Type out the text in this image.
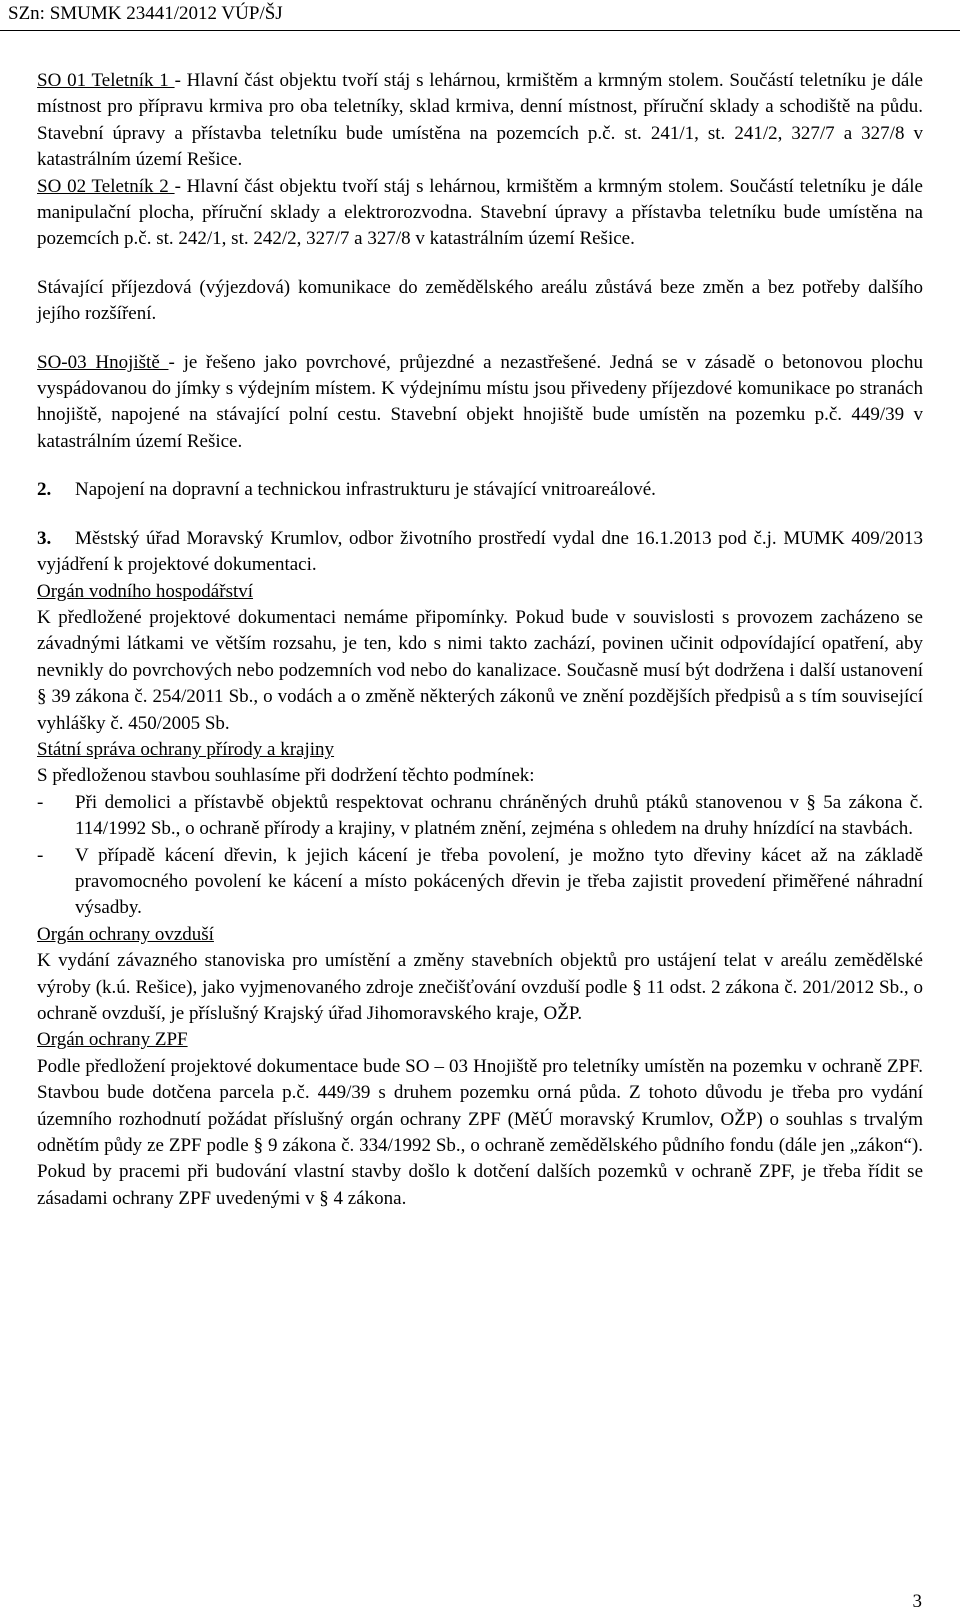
SZn: SMUMK 23441/2012 VÚP/ŠJ

SO 01 Teletník 1 - Hlavní část objektu tvoří stáj s lehárnou, krmištěm a krmným stolem. Součástí teletníku je dále místnost pro přípravu krmiva pro oba teletníky, sklad krmiva, denní místnost, příruční sklady a schodiště na půdu. Stavební úpravy a přístavba teletníku bude umístěna na pozemcích p.č. st. 241/1, st. 241/2, 327/7 a 327/8 v katastrálním území Rešice.

SO 02 Teletník 2 - Hlavní část objektu tvoří stáj s lehárnou, krmištěm a krmným stolem. Součástí teletníku je dále manipulační plocha, příruční sklady a elektrorozvodna. Stavební úpravy a přístavba teletníku bude umístěna na pozemcích p.č. st. 242/1, st. 242/2, 327/7 a 327/8 v katastrálním území Rešice.

Stávající příjezdová (výjezdová) komunikace do zemědělského areálu zůstává beze změn a bez potřeby dalšího jejího rozšíření.

SO-03 Hnojiště - je řešeno jako povrchové, průjezdné a nezastřešené. Jedná se v zásadě o betonovou plochu vyspádovanou do jímky s výdejním místem. K výdejnímu místu jsou přivedeny příjezdové komunikace po stranách hnojiště, napojené na stávající polní cestu. Stavební objekt hnojiště bude umístěn na pozemku p.č. 449/39 v katastrálním území Rešice.

2. Napojení na dopravní a technickou infrastrukturu je stávající vnitroareálové.

3. Městský úřad Moravský Krumlov, odbor životního prostředí vydal dne 16.1.2013 pod č.j. MUMK 409/2013 vyjádření k projektové dokumentaci.

Orgán vodního hospodářství

K předložené projektové dokumentaci nemáme připomínky. Pokud bude v souvislosti s provozem zacházeno se závadnými látkami ve větším rozsahu, je ten, kdo s nimi takto zachází, povinen učinit odpovídající opatření, aby nevnikly do povrchových nebo podzemních vod nebo do kanalizace. Současně musí být dodržena i další ustanovení § 39 zákona č. 254/2011 Sb., o vodách a o změně některých zákonů ve znění pozdějších předpisů a s tím související vyhlášky č. 450/2005 Sb.

Státní správa ochrany přírody a krajiny

S předloženou stavbou souhlasíme při dodržení těchto podmínek:

- Při demolici a přístavbě objektů respektovat ochranu chráněných druhů ptáků stanovenou v § 5a zákona č. 114/1992 Sb., o ochraně přírody a krajiny, v platném znění, zejména s ohledem na druhy hnízdící na stavbách.

- V případě kácení dřevin, k jejich kácení je třeba povolení, je možno tyto dřeviny kácet až na základě pravomocného povolení ke kácení a místo pokácených dřevin je třeba zajistit provedení přiměřené náhradní výsadby.

Orgán ochrany ovzduší

K vydání závazného stanoviska pro umístění a změny stavebních objektů pro ustájení telat v areálu zemědělské výroby (k.ú. Rešice), jako vyjmenovaného zdroje znečišťování ovzduší podle § 11 odst. 2 zákona č. 201/2012 Sb., o ochraně ovzduší, je příslušný Krajský úřad Jihomoravského kraje, OŽP.

Orgán ochrany ZPF

Podle předložení projektové dokumentace bude SO – 03 Hnojiště pro teletníky umístěn na pozemku v ochraně ZPF. Stavbou bude dotčena parcela p.č. 449/39 s druhem pozemku orná půda. Z tohoto důvodu je třeba pro vydání územního rozhodnutí požádat příslušný orgán ochrany ZPF (MěÚ moravský Krumlov, OŽP) o souhlas s trvalým odnětím půdy ze ZPF podle § 9 zákona č. 334/1992 Sb., o ochraně zemědělského půdního fondu (dále jen „zákon“). Pokud by pracemi při budování vlastní stavby došlo k dotčení dalších pozemků v ochraně ZPF, je třeba řídit se zásadami ochrany ZPF uvedenými v § 4 zákona.

3
